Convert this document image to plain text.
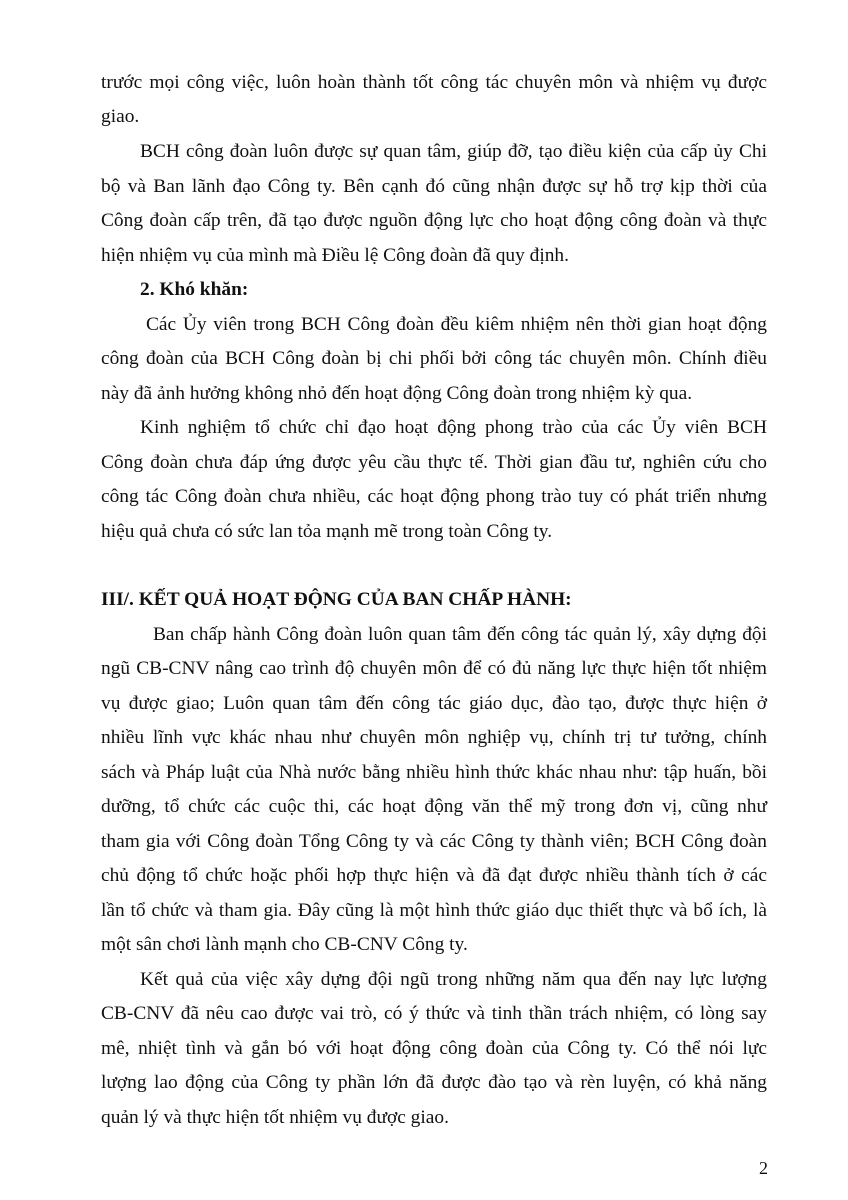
trước mọi công việc, luôn hoàn thành tốt công tác chuyên môn và nhiệm vụ được
giao.
BCH công đoàn luôn được sự quan tâm, giúp đỡ, tạo điều kiện của cấp ủy Chi
bộ và Ban lãnh đạo Công ty. Bên cạnh đó cũng nhận được sự hỗ trợ kịp thời của
Công đoàn cấp trên, đã tạo được nguồn động lực cho hoạt động công đoàn và thực
hiện nhiệm vụ của mình mà Điều lệ Công đoàn đã quy định.
2. Khó khăn:
Các Ủy viên trong BCH Công đoàn đều kiêm nhiệm nên thời gian hoạt động
công đoàn của BCH Công đoàn bị chi phối bởi công tác chuyên môn. Chính điều
này đã ảnh hưởng không nhỏ đến hoạt động Công đoàn trong nhiệm kỳ qua.
Kinh nghiệm tổ chức chỉ đạo hoạt động phong trào của các Ủy viên BCH
Công đoàn chưa đáp ứng được yêu cầu thực tế. Thời gian đầu tư, nghiên cứu cho
công tác Công đoàn chưa nhiều, các hoạt động phong trào tuy có phát triển nhưng
hiệu quả chưa có sức lan tỏa mạnh mẽ trong toàn Công ty.
III/. KẾT QUẢ HOẠT ĐỘNG CỦA BAN CHẤP HÀNH:
Ban chấp hành Công đoàn luôn quan tâm đến công tác quản lý, xây dựng đội
ngũ CB-CNV nâng cao trình độ chuyên môn để có đủ năng lực thực hiện tốt nhiệm
vụ được giao; Luôn quan tâm đến công tác giáo dục, đào tạo, được thực hiện ở
nhiều lĩnh vực khác nhau như chuyên môn nghiệp vụ, chính trị tư tưởng, chính
sách và Pháp luật của Nhà nước bằng nhiều hình thức khác nhau như: tập huấn, bồi
dưỡng, tổ chức các cuộc thi, các hoạt động văn thể mỹ trong đơn vị, cũng như
tham gia với Công đoàn Tổng Công ty và các Công ty thành viên; BCH Công đoàn
chủ động tổ chức hoặc phối hợp thực hiện và đã đạt được nhiều thành tích ở các
lần tổ chức và tham gia. Đây cũng là một hình thức giáo dục thiết thực và bổ ích, là
một sân chơi lành mạnh cho CB-CNV Công ty.
Kết quả của việc xây dựng đội ngũ trong những năm qua đến nay lực lượng
CB-CNV đã nêu cao được vai trò, có ý thức và tinh thần trách nhiệm, có lòng say
mê, nhiệt tình và gắn bó với hoạt động công đoàn của Công ty. Có thể nói lực
lượng lao động của Công ty phần lớn đã được đào tạo và rèn luyện, có khả năng
quản lý và thực hiện tốt nhiệm vụ được giao.
2
